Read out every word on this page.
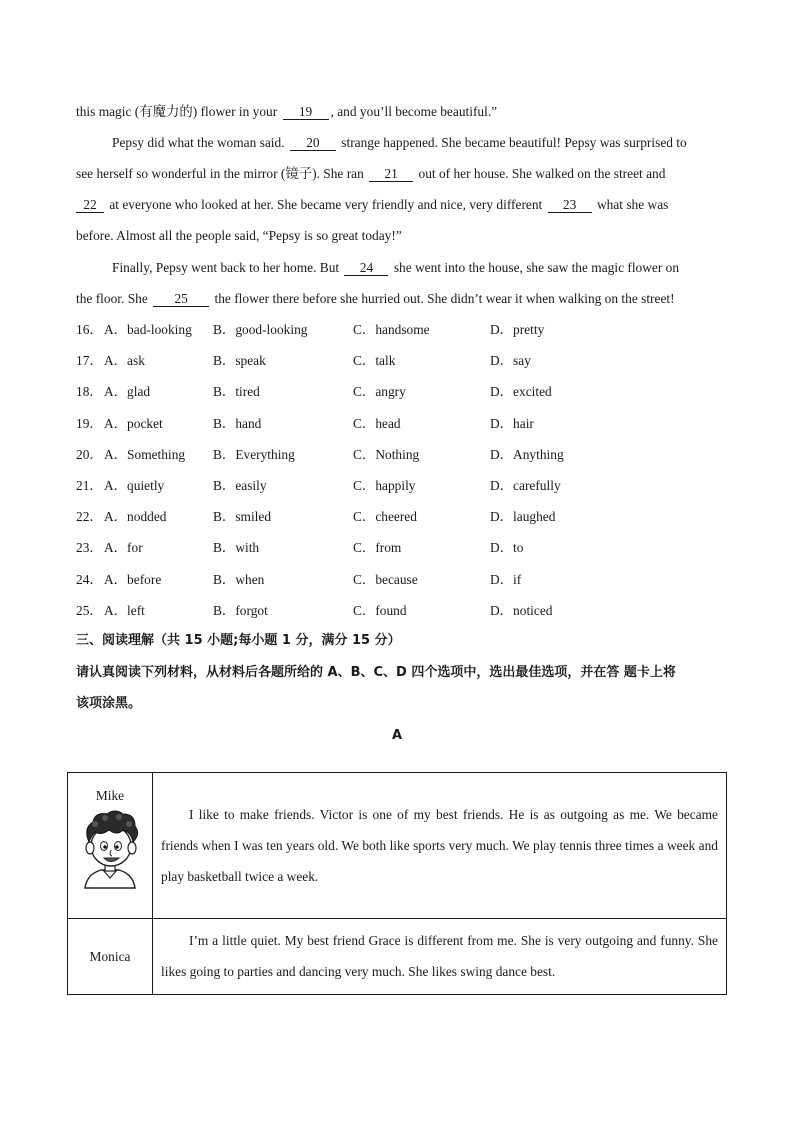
this magic (有魔力的) flower in your 19 , and you’ll become beautiful.”
Pepsy did what the woman said. 20 strange happened. She became beautiful! Pepsy was surprised to
see herself so wonderful in the mirror (镜子). She ran 21 out of her house. She walked on the street and
22 at everyone who looked at her. She became very friendly and nice, very different 23 what she was
before. Almost all the people said, “Pepsy is so great today!”
Finally, Pepsy went back to her home. But 24 she went into the house, she saw the magic flower on
the floor. She 25 the flower there before she hurried out. She didn’t wear it when walking on the street!
16． A．bad-looking B．good-looking	C．handsome	D．pretty
17． A．ask	B．speak	C．talk	D．say
18． A．glad	B．tired	C．angry	D．excited
19． A．pocket	B．hand	C．head	D．hair
20． A．Something B．Everything	C．Nothing	D．Anything
21． A．quietly	B．easily	C．happily	D．carefully
22． A．nodded	B．smiled	C．cheered	D．laughed
23． A．for	B．with	C．from	D．to
24． A．before	B．when	C．because	D．if
25． A．left	B．forgot	C．found	D．noticed
三、阅读理解（共 15 小题;每小题 1 分，满分 15 分）
请认真阅读下列材料，从材料后各题所给的 A、B、C、D 四个选项中，选出最佳选项，并在答 题卡上将
该项涂黑。
A
Mike	I like to make friends. Victor is one of my best friends. He is as outgoing as me. We became friends when I was ten years old. We both like sports very much. We play tennis three times a week and play basketball twice a week.

Monica	I’m a little quiet. My best friend Grace is different from me. She is very outgoing and funny. She likes going to parties and dancing very much. She likes swing dance best.
